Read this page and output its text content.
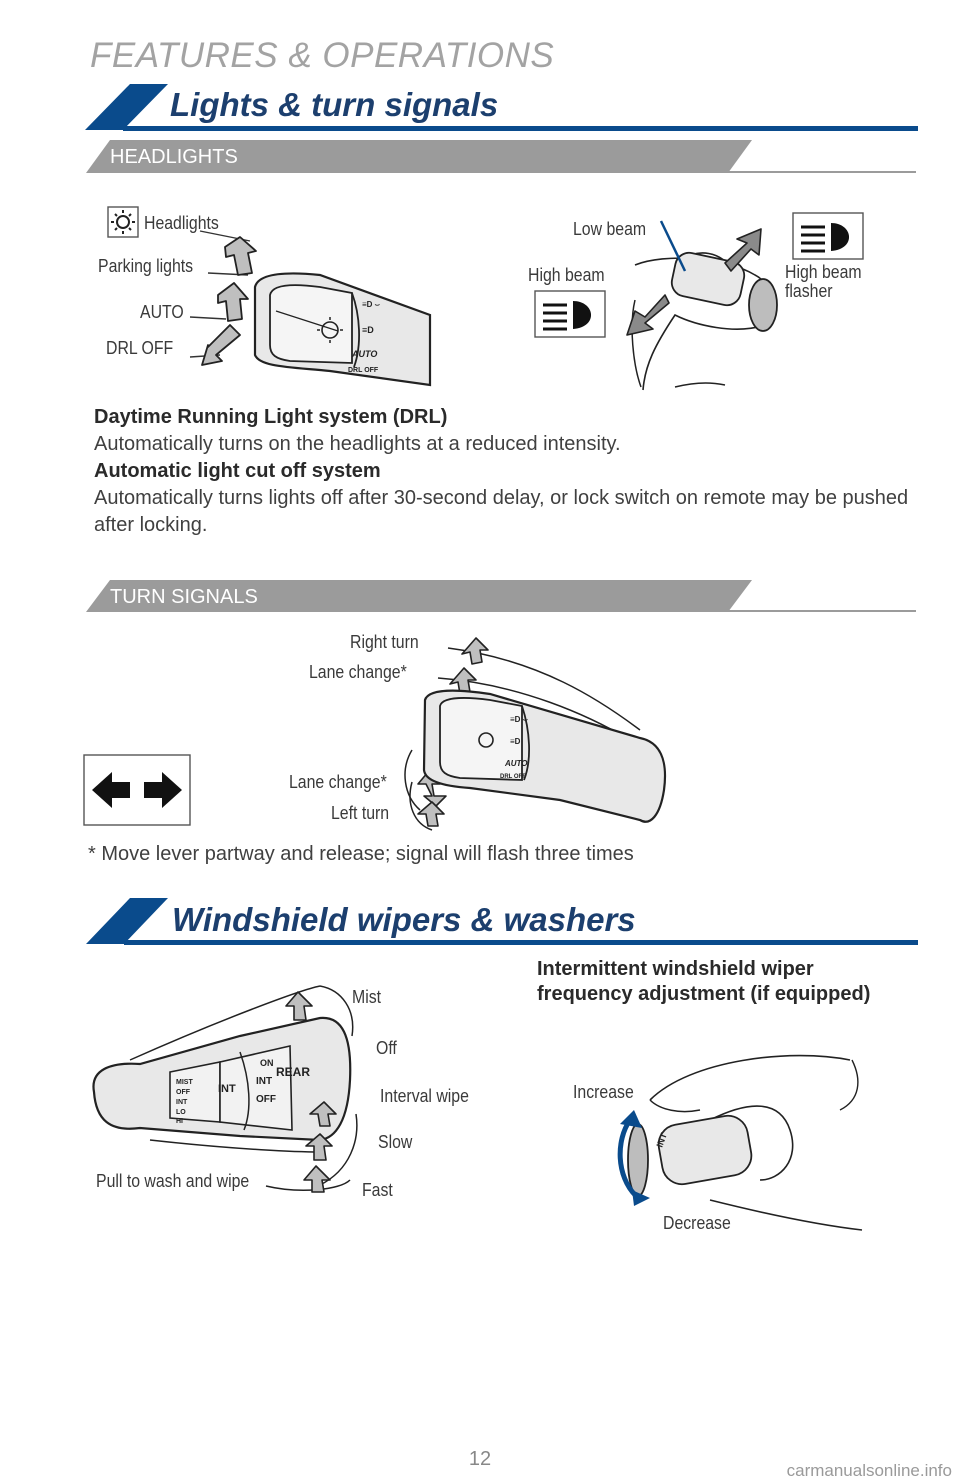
FEATURES & OPERATIONS
Lights & turn signals
HEADLIGHTS
≡D ⌣
≡D
AUTO
DRL OFF
Headlights
Parking lights
AUTO
DRL OFF
Low beam
High beam	High beam
flasher
Daytime Running Light system (DRL)
Automatically turns on the headlights at a reduced intensity.
Automatic light cut off system
Automatically turns lights off after 30-second delay, or lock switch on remote may be pushed after locking.
TURN SIGNALS
≡D ⌣
≡D
AUTO
DRL OFF
Right turn
Lane change*
Lane change*
Left turn
* Move lever partway and release; signal will flash three times
Windshield wipers & washers
MIST
OFF
INT
LO
HI
INT
ON
INT
OFF
REAR
Mist
Off
Interval wipe
Slow
Fast
Pull to wash and wipe
Intermittent windshield wiper
frequency adjustment (if equipped)
INT
Increase
Decrease
12
carmanualsonline.info
